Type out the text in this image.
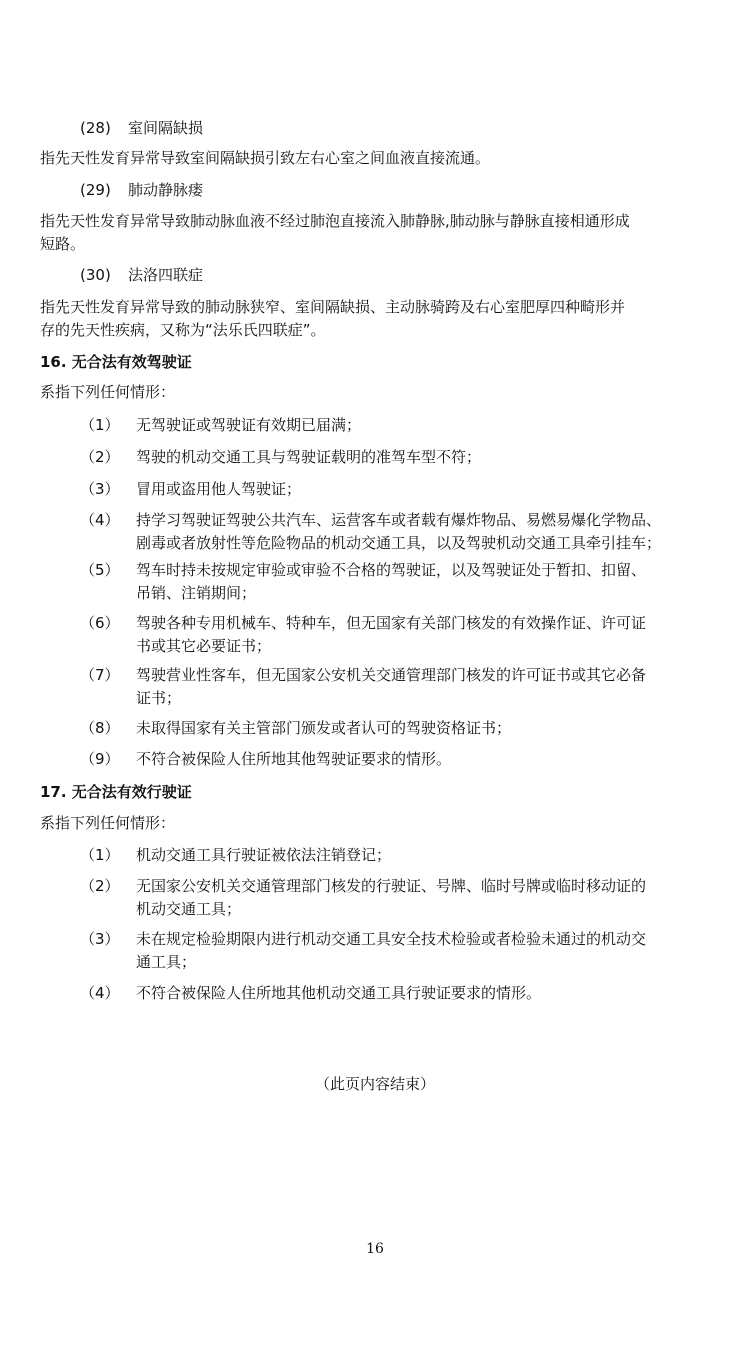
(28) 室间隔缺损
指先天性发育异常导致室间隔缺损引致左右心室之间血液直接流通。
(29) 肺动静脉瘘
指先天性发育异常导致肺动脉血液不经过肺泡直接流入肺静脉,肺动脉与静脉直接相通形成
短路。
(30) 法洛四联症
指先天性发育异常导致的肺动脉狭窄、室间隔缺损、主动脉骑跨及右心室肥厚四种畸形并
存的先天性疾病，又称为“法乐氏四联症”。
16. 无合法有效驾驶证
系指下列任何情形：
（1） 无驾驶证或驾驶证有效期已届满；
（2） 驾驶的机动交通工具与驾驶证载明的准驾车型不符；
（3） 冒用或盗用他人驾驶证；
（4） 持学习驾驶证驾驶公共汽车、运营客车或者载有爆炸物品、易燃易爆化学物品、
剧毒或者放射性等危险物品的机动交通工具，以及驾驶机动交通工具牵引挂车；
（5） 驾车时持未按规定审验或审验不合格的驾驶证，以及驾驶证处于暂扣、扣留、
吊销、注销期间；
（6） 驾驶各种专用机械车、特种车，但无国家有关部门核发的有效操作证、许可证
书或其它必要证书；
（7） 驾驶营业性客车，但无国家公安机关交通管理部门核发的许可证书或其它必备
证书；
（8） 未取得国家有关主管部门颁发或者认可的驾驶资格证书；
（9） 不符合被保险人住所地其他驾驶证要求的情形。
17. 无合法有效行驶证
系指下列任何情形：
（1） 机动交通工具行驶证被依法注销登记；
（2） 无国家公安机关交通管理部门核发的行驶证、号牌、临时号牌或临时移动证的
机动交通工具；
（3） 未在规定检验期限内进行机动交通工具安全技术检验或者检验未通过的机动交
通工具；
（4） 不符合被保险人住所地其他机动交通工具行驶证要求的情形。
（此页内容结束）
16
